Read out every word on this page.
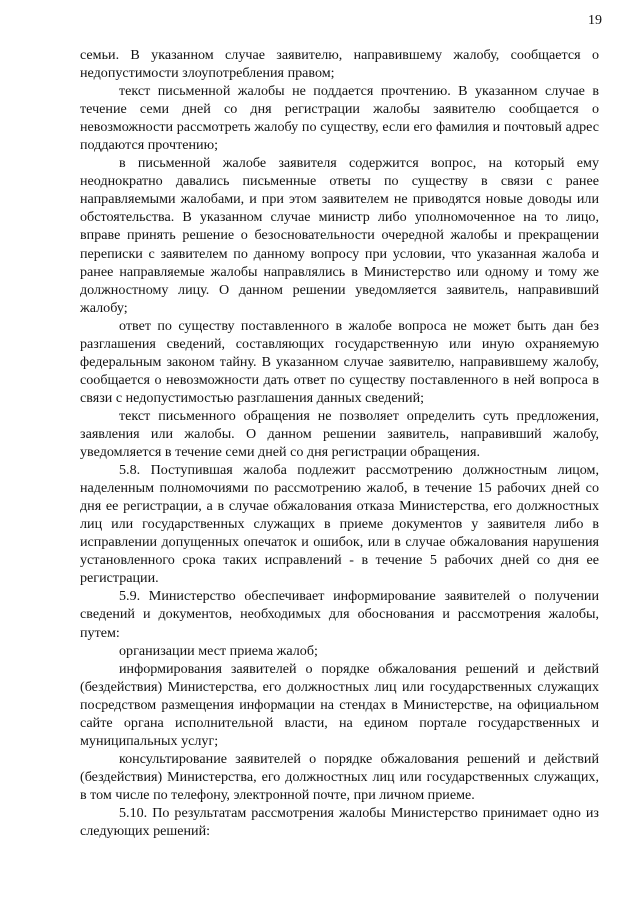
19

семьи. В указанном случае заявителю, направившему жалобу, сообщается о недопустимости злоупотребления правом;

текст письменной жалобы не поддается прочтению. В указанном случае в течение семи дней со дня регистрации жалобы заявителю сообщается о невозможности рассмотреть жалобу по существу, если его фамилия и почтовый адрес поддаются прочтению;

в письменной жалобе заявителя содержится вопрос, на который ему неоднократно давались письменные ответы по существу в связи с ранее направляемыми жалобами, и при этом заявителем не приводятся новые доводы или обстоятельства. В указанном случае министр либо уполномоченное на то лицо, вправе принять решение о безосновательности очередной жалобы и прекращении переписки с заявителем по данному вопросу при условии, что указанная жалоба и ранее направляемые жалобы направлялись в Министерство или одному и тому же должностному лицу. О данном решении уведомляется заявитель, направивший жалобу;

ответ по существу поставленного в жалобе вопроса не может быть дан без разглашения сведений, составляющих государственную или иную охраняемую федеральным законом тайну. В указанном случае заявителю, направившему жалобу, сообщается о невозможности дать ответ по существу поставленного в ней вопроса в связи с недопустимостью разглашения данных сведений;

текст письменного обращения не позволяет определить суть предложения, заявления или жалобы. О данном решении заявитель, направивший жалобу, уведомляется в течение семи дней со дня регистрации обращения.

5.8. Поступившая жалоба подлежит рассмотрению должностным лицом, наделенным полномочиями по рассмотрению жалоб, в течение 15 рабочих дней со дня ее регистрации, а в случае обжалования отказа Министерства, его должностных лиц или государственных служащих в приеме документов у заявителя либо в исправлении допущенных опечаток и ошибок, или в случае обжалования нарушения установленного срока таких исправлений - в течение 5 рабочих дней со дня ее регистрации.

5.9. Министерство обеспечивает информирование заявителей о получении сведений и документов, необходимых для обоснования и рассмотрения жалобы, путем:

организации мест приема жалоб;

информирования заявителей о порядке обжалования решений и действий (бездействия) Министерства, его должностных лиц или государственных служащих посредством размещения информации на стендах в Министерстве, на официальном сайте органа исполнительной власти, на едином портале государственных и муниципальных услуг;

консультирование заявителей о порядке обжалования решений и действий (бездействия) Министерства, его должностных лиц или государственных служащих, в том числе по телефону, электронной почте, при личном приеме.

5.10. По результатам рассмотрения жалобы Министерство принимает одно из следующих решений:
